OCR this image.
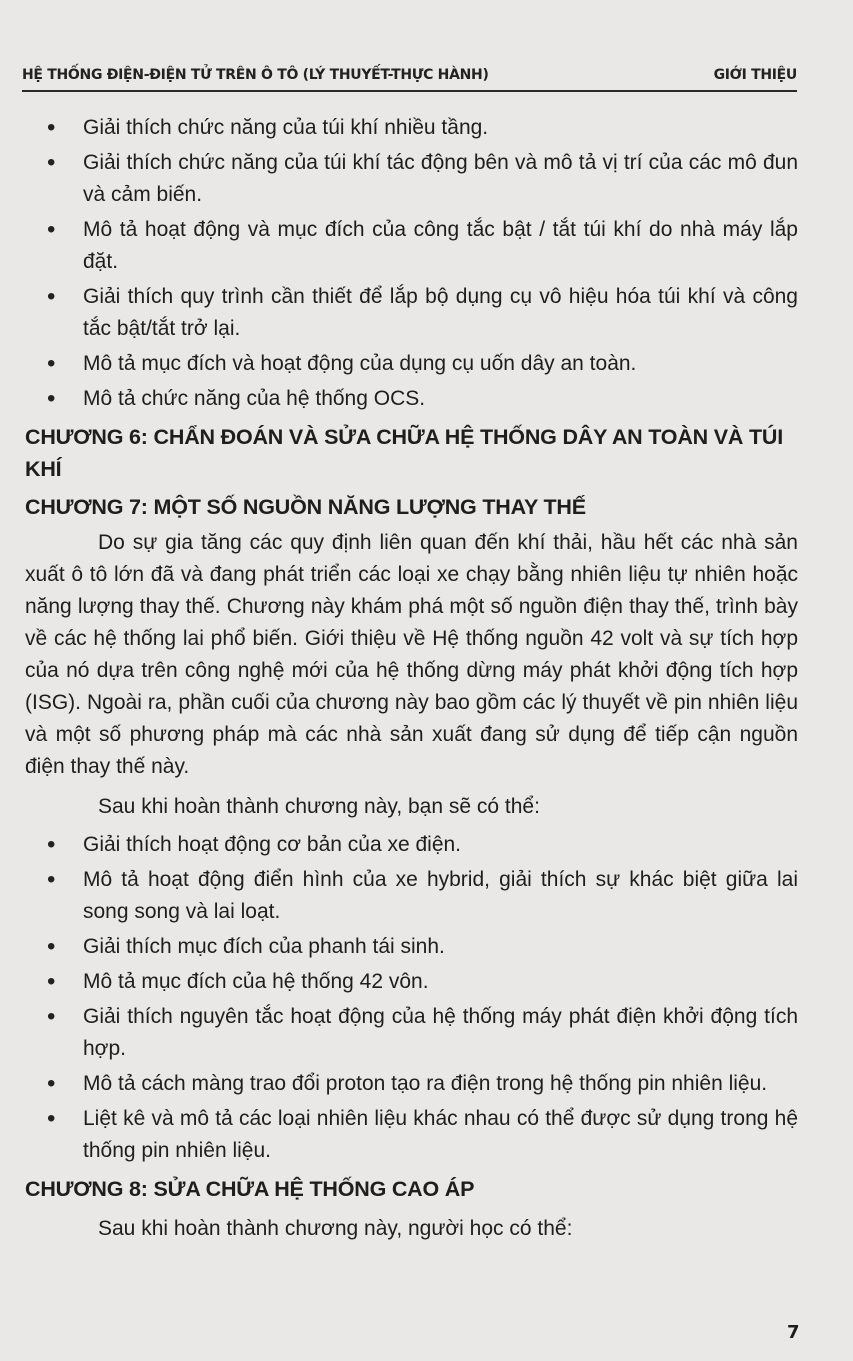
HỆ THỐNG ĐIỆN-ĐIỆN TỬ TRÊN Ô TÔ (LÝ THUYẾT-THỰC HÀNH)	GIỚI THIỆU
• Giải thích chức năng của túi khí nhiều tầng.
• Giải thích chức năng của túi khí tác động bên và mô tả vị trí của các mô đun và cảm biến.
• Mô tả hoạt động và mục đích của công tắc bật / tắt túi khí do nhà máy lắp đặt.
• Giải thích quy trình cần thiết để lắp bộ dụng cụ vô hiệu hóa túi khí và công tắc bật/tắt trở lại.
• Mô tả mục đích và hoạt động của dụng cụ uốn dây an toàn.
• Mô tả chức năng của hệ thống OCS.
CHƯƠNG 6: CHẨN ĐOÁN VÀ SỬA CHỮA HỆ THỐNG DÂY AN TOÀN VÀ TÚI KHÍ
CHƯƠNG 7: MỘT SỐ NGUỒN NĂNG LƯỢNG THAY THẾ

Do sự gia tăng các quy định liên quan đến khí thải, hầu hết các nhà sản xuất ô tô lớn đã và đang phát triển các loại xe chạy bằng nhiên liệu tự nhiên hoặc năng lượng thay thế. Chương này khám phá một số nguồn điện thay thế, trình bày về các hệ thống lai phổ biến. Giới thiệu về Hệ thống nguồn 42 volt và sự tích hợp của nó dựa trên công nghệ mới của hệ thống dừng máy phát khởi động tích hợp (ISG). Ngoài ra, phần cuối của chương này bao gồm các lý thuyết về pin nhiên liệu và một số phương pháp mà các nhà sản xuất đang sử dụng để tiếp cận nguồn điện thay thế này.

Sau khi hoàn thành chương này, bạn sẽ có thể:

• Giải thích hoạt động cơ bản của xe điện.
• Mô tả hoạt động điển hình của xe hybrid, giải thích sự khác biệt giữa lai song song và lai loạt.
• Giải thích mục đích của phanh tái sinh.
• Mô tả mục đích của hệ thống 42 vôn.
• Giải thích nguyên tắc hoạt động của hệ thống máy phát điện khởi động tích hợp.
• Mô tả cách màng trao đổi proton tạo ra điện trong hệ thống pin nhiên liệu.
• Liệt kê và mô tả các loại nhiên liệu khác nhau có thể được sử dụng trong hệ thống pin nhiên liệu.
CHƯƠNG 8: SỬA CHỮA HỆ THỐNG CAO ÁP

Sau khi hoàn thành chương này, người học có thể:

7
